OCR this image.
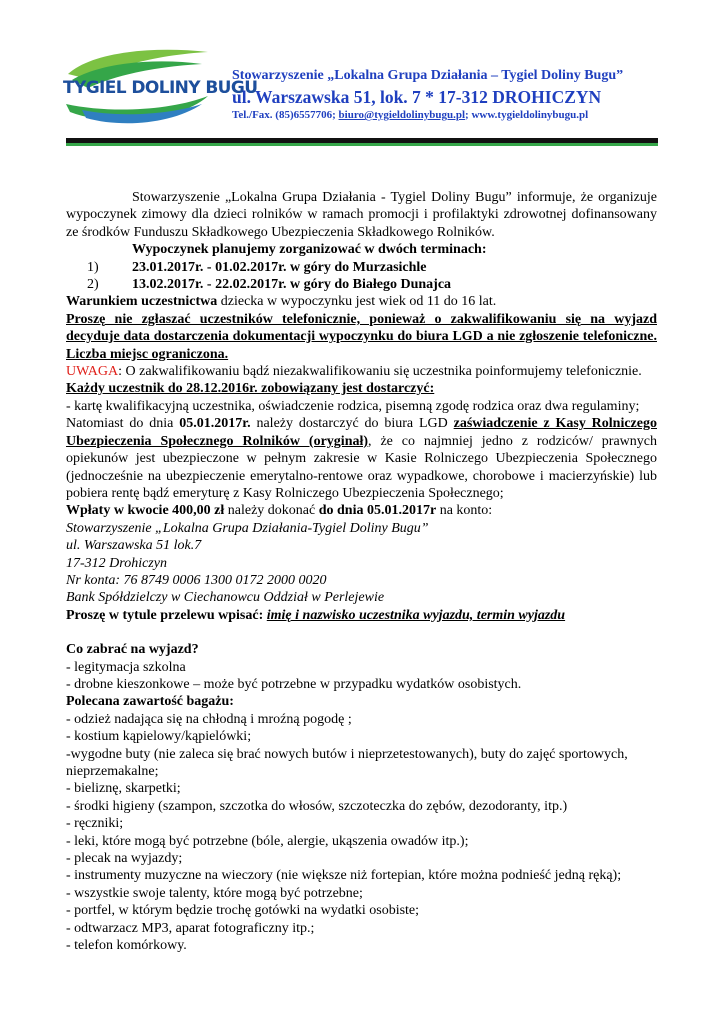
TYGIEL DOLINY BUGU
Stowarzyszenie „Lokalna Grupa Działania – Tygiel Doliny Bugu”
ul. Warszawska 51, lok. 7 * 17-312 DROHICZYN
Tel./Fax. (85)6557706; biuro@tygieldolinybugu.pl; www.tygieldolinybugu.pl

Stowarzyszenie „Lokalna Grupa Działania - Tygiel Doliny Bugu” informuje, że organizuje wypoczynek zimowy dla dzieci rolników w ramach promocji i profilaktyki zdrowotnej dofinansowany ze środków Funduszu Składkowego Ubezpieczenia Składkowego Rolników.

Wypoczynek planujemy zorganizować w dwóch terminach:

1)	23.01.2017r. - 01.02.2017r. w góry do Murzasichle
2)	13.02.2017r. - 22.02.2017r. w góry do Białego Dunajca

Warunkiem uczestnictwa dziecka w wypoczynku jest wiek od 11 do 16 lat.

Proszę nie zgłaszać uczestników telefonicznie, ponieważ o zakwalifikowaniu się na wyjazd decyduje data dostarczenia dokumentacji wypoczynku do biura LGD a nie zgłoszenie telefoniczne. Liczba miejsc ograniczona.

UWAGA: O zakwalifikowaniu bądź niezakwalifikowaniu się uczestnika poinformujemy telefonicznie.

Każdy uczestnik do 28.12.2016r. zobowiązany jest dostarczyć:

- kartę kwalifikacyjną uczestnika, oświadczenie rodzica, pisemną zgodę rodzica oraz dwa regulaminy;

Natomiast do dnia 05.01.2017r. należy dostarczyć do biura LGD zaświadczenie z Kasy Rolniczego Ubezpieczenia Społecznego Rolników (oryginał), że co najmniej jedno z rodziców/ prawnych opiekunów jest ubezpieczone w pełnym zakresie w Kasie Rolniczego Ubezpieczenia Społecznego (jednocześnie na ubezpieczenie emerytalno-rentowe oraz wypadkowe, chorobowe i macierzyńskie) lub pobiera rentę bądź emeryturę z Kasy Rolniczego Ubezpieczenia Społecznego;

Wpłaty w kwocie 400,00 zł należy dokonać do dnia 05.01.2017r na konto:

Stowarzyszenie „Lokalna Grupa Działania-Tygiel Doliny Bugu”

ul. Warszawska 51 lok.7

17-312 Drohiczyn

Nr konta: 76 8749 0006 1300 0172 2000 0020

Bank Spółdzielczy w Ciechanowcu Oddział w Perlejewie

Proszę w tytule przelewu wpisać: imię i nazwisko uczestnika wyjazdu, termin wyjazdu

Co zabrać na wyjazd?

- legitymacja szkolna

- drobne kieszonkowe – może być potrzebne w przypadku wydatków osobistych.

Polecana zawartość bagażu:

- odzież nadająca się na chłodną i mroźną pogodę ;

- kostium kąpielowy/kąpielówki;

-wygodne buty (nie zaleca się brać nowych butów i nieprzetestowanych), buty do zajęć sportowych, nieprzemakalne;

- bieliznę, skarpetki;

- środki higieny (szampon, szczotka do włosów, szczoteczka do zębów, dezodoranty, itp.)

- ręczniki;

- leki, które mogą być potrzebne (bóle, alergie, ukąszenia owadów itp.);

- plecak na wyjazdy;

- instrumenty muzyczne na wieczory (nie większe niż fortepian, które można podnieść jedną ręką);

- wszystkie swoje talenty, które mogą być potrzebne;

- portfel, w którym będzie trochę gotówki na wydatki osobiste;

- odtwarzacz MP3, aparat fotograficzny itp.;

- telefon komórkowy.
